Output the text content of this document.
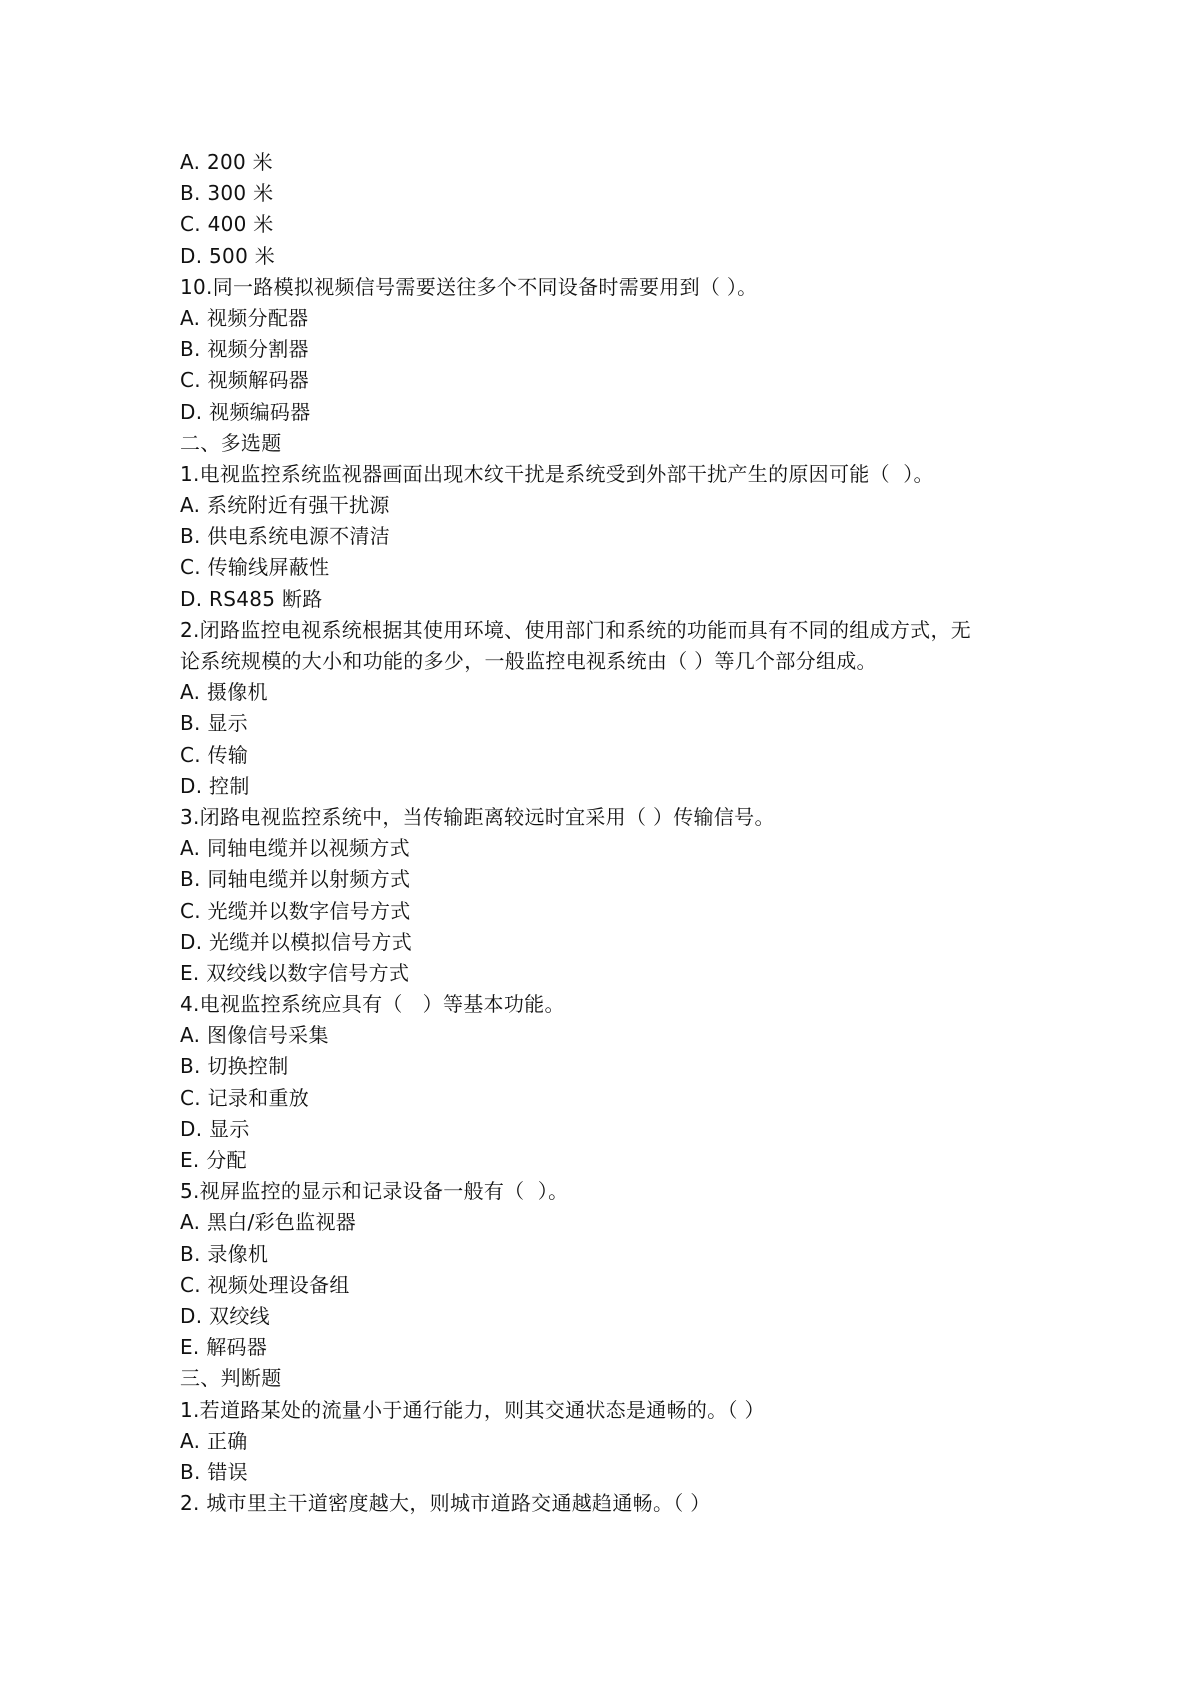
A. 200 米
B. 300 米
C. 400 米
D. 500 米
10.同一路模拟视频信号需要送往多个不同设备时需要用到（ ）。
A. 视频分配器
B. 视频分割器
C. 视频解码器
D. 视频编码器
二、多选题
1.电视监控系统监视器画面出现木纹干扰是系统受到外部干扰产生的原因可能（  ）。
A. 系统附近有强干扰源
B. 供电系统电源不清洁
C. 传输线屏蔽性
D. RS485 断路
2.闭路监控电视系统根据其使用环境、使用部门和系统的功能而具有不同的组成方式，无
论系统规模的大小和功能的多少，一般监控电视系统由（ ）等几个部分组成。
A. 摄像机
B. 显示
C. 传输
D. 控制
3.闭路电视监控系统中，当传输距离较远时宜采用（ ）传输信号。
A. 同轴电缆并以视频方式
B. 同轴电缆并以射频方式
C. 光缆并以数字信号方式
D. 光缆并以模拟信号方式
E. 双绞线以数字信号方式
4.电视监控系统应具有（   ）等基本功能。
A. 图像信号采集
B. 切换控制
C. 记录和重放
D. 显示
E. 分配
5.视屏监控的显示和记录设备一般有（  ）。
A. 黑白/彩色监视器
B. 录像机
C. 视频处理设备组
D. 双绞线
E. 解码器
三、判断题
1.若道路某处的流量小于通行能力，则其交通状态是通畅的。（ ）
A. 正确
B. 错误
2. 城市里主干道密度越大，则城市道路交通越趋通畅。（ ）
